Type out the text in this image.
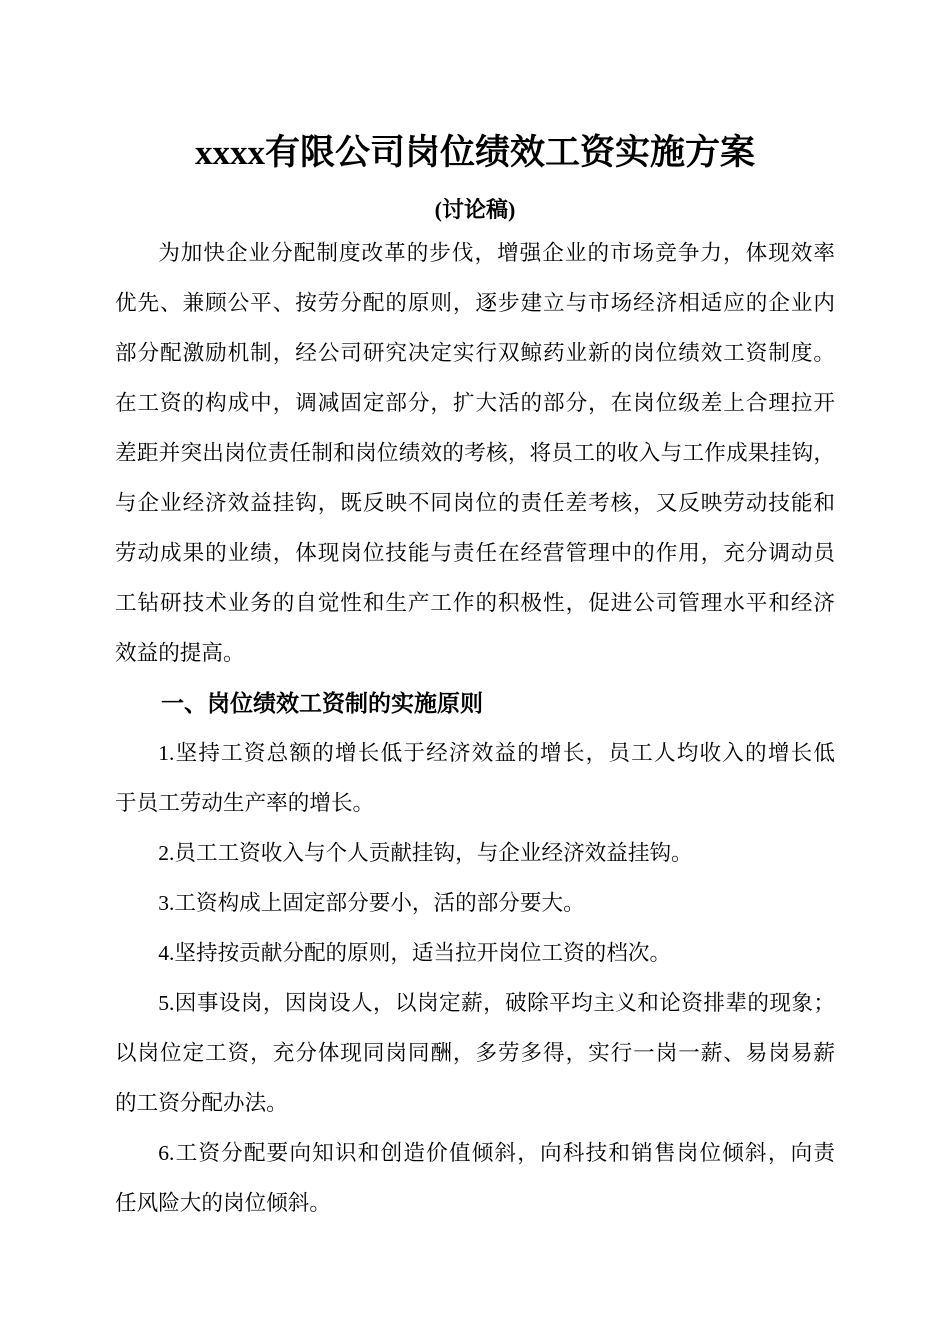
xxxx有限公司岗位绩效工资实施方案
(讨论稿)
为加快企业分配制度改革的步伐，增强企业的市场竞争力，体现效率
优先、兼顾公平、按劳分配的原则，逐步建立与市场经济相适应的企业内
部分配激励机制，经公司研究决定实行双鲸药业新的岗位绩效工资制度。
在工资的构成中，调减固定部分，扩大活的部分，在岗位级差上合理拉开
差距并突出岗位责任制和岗位绩效的考核，将员工的收入与工作成果挂钩，
与企业经济效益挂钩，既反映不同岗位的责任差考核，又反映劳动技能和
劳动成果的业绩，体现岗位技能与责任在经营管理中的作用，充分调动员
工钻研技术业务的自觉性和生产工作的积极性，促进公司管理水平和经济
效益的提高。
一、岗位绩效工资制的实施原则
1.坚持工资总额的增长低于经济效益的增长，员工人均收入的增长低
于员工劳动生产率的增长。
2.员工工资收入与个人贡献挂钩，与企业经济效益挂钩。
3.工资构成上固定部分要小，活的部分要大。
4.坚持按贡献分配的原则，适当拉开岗位工资的档次。
5.因事设岗，因岗设人，以岗定薪，破除平均主义和论资排辈的现象；
以岗位定工资，充分体现同岗同酬，多劳多得，实行一岗一薪、易岗易薪
的工资分配办法。
6.工资分配要向知识和创造价值倾斜，向科技和销售岗位倾斜，向责
任风险大的岗位倾斜。
